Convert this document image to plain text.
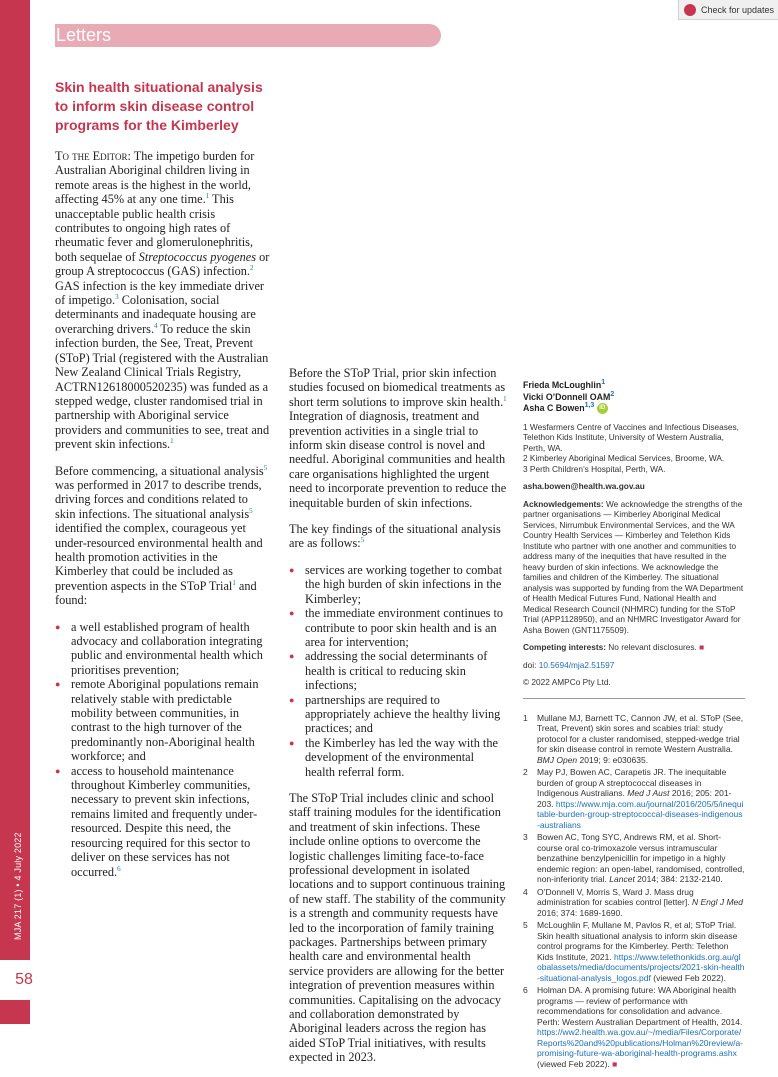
MJA 217 (1) • 4 July 2022
58
Letters
Check for updates
Skin health situational analysis to inform skin disease control programs for the Kimberley

To the Editor: The impetigo burden for Australian Aboriginal children living in remote areas is the highest in the world, affecting 45% at any one time.$^1$ This unacceptable public health crisis contributes to ongoing high rates of rheumatic fever and glomerulonephritis, both sequelae of Streptococcus pyogenes or group A streptococcus (GAS) infection.$^2$ GAS infection is the key immediate driver of impetigo.$^3$ Colonisation, social determinants and inadequate housing are overarching drivers.$^4$ To reduce the skin infection burden, the See, Treat, Prevent (SToP) Trial (registered with the Australian New Zealand Clinical Trials Registry, ACTRN12618000520235) was funded as a stepped wedge, cluster randomised trial in partnership with Aboriginal service providers and communities to see, treat and prevent skin infections.$^1$

Before commencing, a situational analysis$^5$ was performed in 2017 to describe trends, driving forces and conditions related to skin infections. The situational analysis$^5$ identified the complex, courageous yet under-resourced environmental health and health promotion activities in the Kimberley that could be included as prevention aspects in the SToP Trial$^1$ and found:

● a well established program of health advocacy and collaboration integrating public and environmental health which prioritises prevention;
● remote Aboriginal populations remain relatively stable with predictable mobility between communities, in contrast to the high turnover of the predominantly non-Aboriginal health workforce; and
● access to household maintenance throughout Kimberley communities, necessary to prevent skin infections, remains limited and frequently under-resourced. Despite this need, the resourcing required for this sector to deliver on these services has not occurred.$^6$

Before the SToP Trial, prior skin infection studies focused on biomedical treatments as short term solutions to improve skin health.$^1$ Integration of diagnosis, treatment and prevention activities in a single trial to inform skin disease control is novel and needful. Aboriginal communities and health care organisations highlighted the urgent need to incorporate prevention to reduce the inequitable burden of skin infections.

The key findings of the situational analysis are as follows:$^5$

● services are working together to combat the high burden of skin infections in the Kimberley;
● the immediate environment continues to contribute to poor skin health and is an area for intervention;
● addressing the social determinants of health is critical to reducing skin infections;
● partnerships are required to appropriately achieve the healthy living practices; and
● the Kimberley has led the way with the development of the environmental health referral form.

The SToP Trial includes clinic and school staff training modules for the identification and treatment of skin infections. These include online options to overcome the logistic challenges limiting face-to-face professional development in isolated locations and to support continuous training of new staff. The stability of the community is a strength and community requests have led to the incorporation of family training packages. Partnerships between primary health care and environmental health service providers are allowing for the better integration of prevention measures within communities. Capitalising on the advocacy and collaboration demonstrated by Aboriginal leaders across the region has aided SToP Trial initiatives, with results expected in 2023.

Frieda McLoughlin$^1$
Vicki O’Donnell OAM$^2$
Asha C Bowen$^{1,3}$ iD
1 Wesfarmers Centre of Vaccines and Infectious Diseases, Telethon Kids Institute, University of Western Australia, Perth, WA.
2 Kimberley Aboriginal Medical Services, Broome, WA.
3 Perth Children’s Hospital, Perth, WA.
asha.bowen@health.wa.gov.au
Acknowledgements: We acknowledge the strengths of the partner organisations — Kimberley Aboriginal Medical Services, Nirrumbuk Environmental Services, and the WA Country Health Services — Kimberley and Telethon Kids Institute who partner with one another and communities to address many of the inequities that have resulted in the heavy burden of skin infections. We acknowledge the families and children of the Kimberley. The situational analysis was supported by funding from the WA Department of Health Medical Futures Fund, National Health and Medical Research Council (NHMRC) funding for the SToP Trial (APP1128950), and an NHMRC Investigator Award for Asha Bowen (GNT1175509).
Competing interests: No relevant disclosures. ■
doi: 10.5694/mja2.51597
© 2022 AMPCo Pty Ltd.
1	Mullane MJ, Barnett TC, Cannon JW, et al. SToP (See, Treat, Prevent) skin sores and scabies trial: study protocol for a cluster randomised, stepped-wedge trial for skin disease control in remote Western Australia. BMJ Open 2019; 9: e030635.
2	May PJ, Bowen AC, Carapetis JR. The inequitable burden of group A streptococcal diseases in Indigenous Australians. Med J Aust 2016; 205: 201-203. https://www.mja.com.au/journal/2016/205/5/inequitable-burden-group-streptococcal-diseases-indigenous-australians
3	Bowen AC, Tong SYC, Andrews RM, et al. Short-course oral co-trimoxazole versus intramuscular benzathine benzylpenicillin for impetigo in a highly endemic region: an open-label, randomised, controlled, non-inferiority trial. Lancet 2014; 384: 2132-2140.
4	O’Donnell V, Morris S, Ward J. Mass drug administration for scabies control [letter]. N Engl J Med 2016; 374: 1689-1690.
5	McLoughlin F, Mullane M, Pavlos R, et al; SToP Trial. Skin health situational analysis to inform skin disease control programs for the Kimberley. Perth: Telethon Kids Institute, 2021. https://www.telethonkids.org.au/globalassets/media/documents/projects/2021-skin-health-situational-analysis_logos.pdf (viewed Feb 2022).
6	Holman DA. A promising future: WA Aboriginal health programs — review of performance with recommendations for consolidation and advance. Perth: Western Australian Department of Health, 2014. https://ww2.health.wa.gov.au/~/media/Files/Corporate/Reports%20and%20publications/Holman%20review/a-promising-future-wa-aboriginal-health-programs.ashx (viewed Feb 2022). ■
